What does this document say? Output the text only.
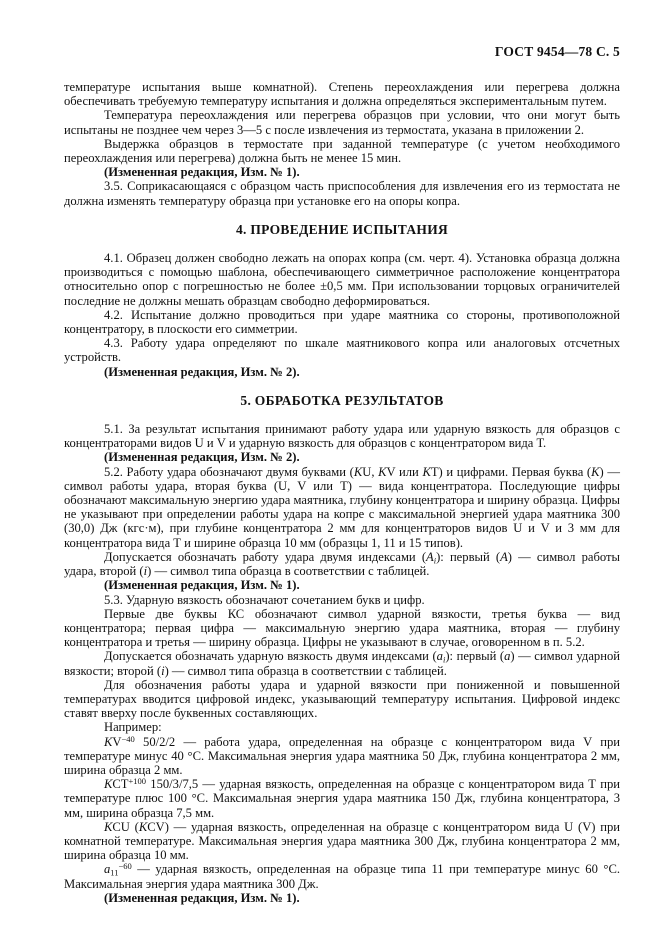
ГОСТ 9454—78 С. 5

температуре испытания выше комнатной). Степень переохлаждения или перегрева должна обеспечивать требуемую температуру испытания и должна определяться экспериментальным путем.

Температура переохлаждения или перегрева образцов при условии, что они могут быть испытаны не позднее чем через 3—5 с после извлечения из термостата, указана в приложении 2.

Выдержка образцов в термостате при заданной температуре (с учетом необходимого переохлаждения или перегрева) должна быть не менее 15 мин.

(Измененная редакция, Изм. № 1).

3.5. Соприкасающаяся с образцом часть приспособления для извлечения его из термостата не должна изменять температуру образца при установке его на опоры копра.

4. ПРОВЕДЕНИЕ ИСПЫТАНИЯ

4.1. Образец должен свободно лежать на опорах копра (см. черт. 4). Установка образца должна производиться с помощью шаблона, обеспечивающего симметричное расположение концентратора относительно опор с погрешностью не более ±0,5 мм. При использовании торцовых ограничителей последние не должны мешать образцам свободно деформироваться.

4.2. Испытание должно проводиться при ударе маятника со стороны, противоположной концентратору, в плоскости его симметрии.

4.3. Работу удара определяют по шкале маятникового копра или аналоговых отсчетных устройств.

(Измененная редакция, Изм. № 2).

5. ОБРАБОТКА РЕЗУЛЬТАТОВ

5.1. За результат испытания принимают работу удара или ударную вязкость для образцов с концентраторами видов U и V и ударную вязкость для образцов с концентратором вида Т.

(Измененная редакция, Изм. № 2).

5.2. Работу удара обозначают двумя буквами (KU, KV или KT) и цифрами. Первая буква (K) — символ работы удара, вторая буква (U, V или Т) — вида концентратора. Последующие цифры обозначают максимальную энергию удара маятника, глубину концентратора и ширину образца. Цифры не указывают при определении работы удара на копре с максимальной энергией удара маятника 300 (30,0) Дж (кгс·м), при глубине концентратора 2 мм для концентраторов видов U и V и 3 мм для концентратора вида Т и ширине образца 10 мм (образцы 1, 11 и 15 типов).

Допускается обозначать работу удара двумя индексами $(A_i)$: первый (A) — символ работы удара, второй (i) — символ типа образца в соответствии с таблицей.

(Измененная редакция, Изм. № 1).

5.3. Ударную вязкость обозначают сочетанием букв и цифр.

Первые две буквы КС обозначают символ ударной вязкости, третья буква — вид концентратора; первая цифра — максимальную энергию удара маятника, вторая — глубину концентратора и третья — ширину образца. Цифры не указывают в случае, оговоренном в п. 5.2.

Допускается обозначать ударную вязкость двумя индексами $(a_i)$: первый (a) — символ ударной вязкости; второй (i) — символ типа образца в соответствии с таблицей.

Для обозначения работы удара и ударной вязкости при пониженной и повышенной температурах вводится цифровой индекс, указывающий температуру испытания. Цифровой индекс ставят вверху после буквенных составляющих.

Например:

$KV^{-40}$ 50/2/2 — работа удара, определенная на образце с концентратором вида V при температуре минус 40 °С. Максимальная энергия удара маятника 50 Дж, глубина концентратора 2 мм, ширина образца 2 мм.

$KСТ^{+100}$ 150/3/7,5 — ударная вязкость, определенная на образце с концентратором вида Т при температуре плюс 100 °С. Максимальная энергия удара маятника 150 Дж, глубина концентратора, 3 мм, ширина образца 7,5 мм.

KCU (KCV) — ударная вязкость, определенная на образце с концентратором вида U (V) при комнатной температуре. Максимальная энергия удара маятника 300 Дж, глубина концентратора 2 мм, ширина образца 10 мм.

$a_{11}^{-60}$ — ударная вязкость, определенная на образце типа 11 при температуре минус 60 °С. Максимальная энергия удара маятника 300 Дж.

(Измененная редакция, Изм. № 1).
